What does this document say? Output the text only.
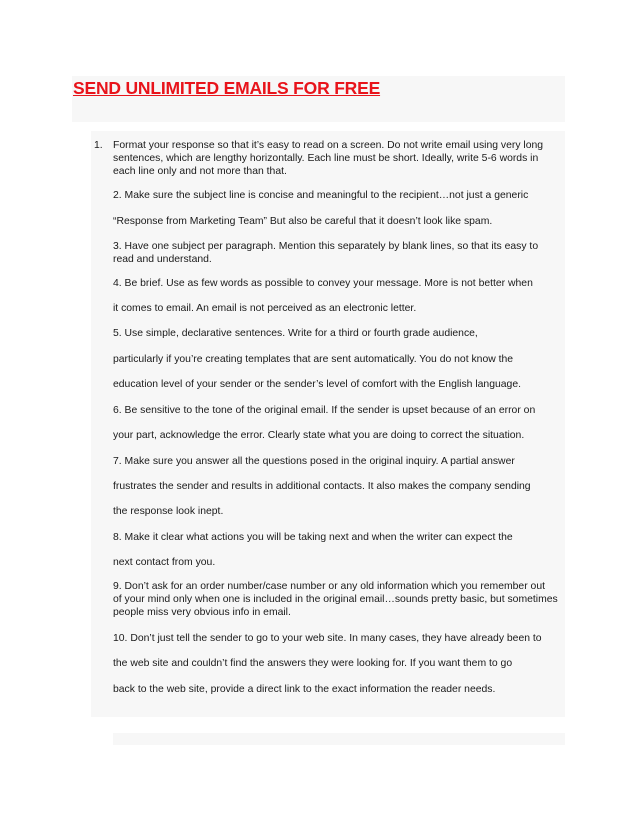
SEND UNLIMITED EMAILS FOR FREE
1. Format your response so that it’s easy to read on a screen. Do not write email using very long

sentences, which are lengthy horizontally. Each line must be short. Ideally, write 5-6 words in

each line only and not more than that.

2. Make sure the subject line is concise and meaningful to the recipient…not just a generic

“Response from Marketing Team” But also be careful that it doesn’t look like spam.

3. Have one subject per paragraph. Mention this separately by blank lines, so that its easy to

read and understand.

4. Be brief. Use as few words as possible to convey your message. More is not better when

it comes to email. An email is not perceived as an electronic letter.

5. Use simple, declarative sentences. Write for a third or fourth grade audience,

particularly if you’re creating templates that are sent automatically. You do not know the

education level of your sender or the sender’s level of comfort with the English language.

6. Be sensitive to the tone of the original email. If the sender is upset because of an error on

your part, acknowledge the error. Clearly state what you are doing to correct the situation.

7. Make sure you answer all the questions posed in the original inquiry. A partial answer

frustrates the sender and results in additional contacts. It also makes the company sending

the response look inept.

8. Make it clear what actions you will be taking next and when the writer can expect the

next contact from you.

9. Don’t ask for an order number/case number or any old information which you remember out

of your mind only when one is included in the original email…sounds pretty basic, but sometimes

people miss very obvious info in email.

10. Don’t just tell the sender to go to your web site. In many cases, they have already been to

the web site and couldn’t find the answers they were looking for. If you want them to go

back to the web site, provide a direct link to the exact information the reader needs.
